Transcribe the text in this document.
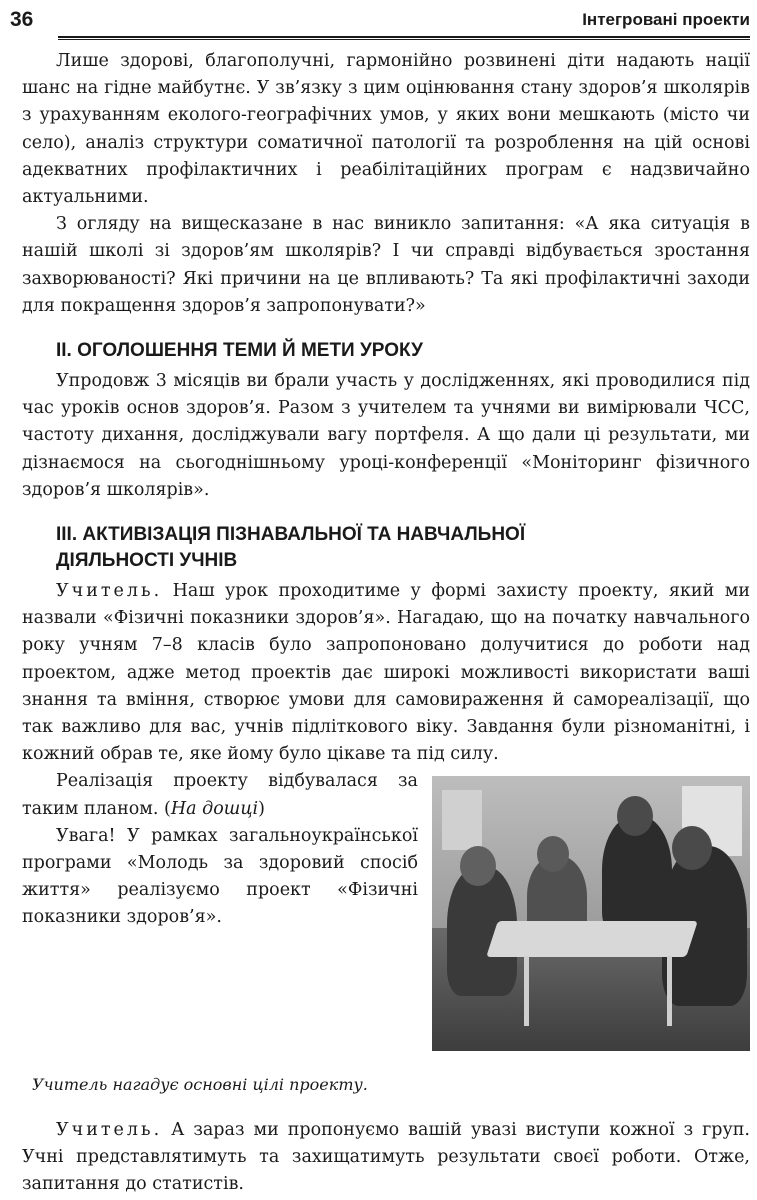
36	Інтегровані проекти

Лише здорові, благополучні, гармонійно розвинені діти надають нації шанс на гідне майбутнє. У зв’язку з цим оцінювання стану здоров’я школярів з урахуванням еколого-географічних умов, у яких вони мешкають (місто чи село), аналіз структури соматичної патології та розроблення на цій основі адекватних профілактичних і реабілітаційних програм є надзвичайно актуальними.

З огляду на вищесказане в нас виникло запитання: «А яка ситуація в нашій школі зі здоров’ям школярів? І чи справді відбувається зростання захворюваності? Які причини на це впливають? Та які профілактичні заходи для покращення здоров’я запропонувати?»

II. ОГОЛОШЕННЯ ТЕМИ Й МЕТИ УРОКУ

Упродовж 3 місяців ви брали участь у дослідженнях, які проводилися під час уроків основ здоров’я. Разом з учителем та учнями ви вимірювали ЧСС, частоту дихання, досліджували вагу портфеля. А що дали ці результати, ми дізнаємося на сьогоднішньому уроці-конференції «Моніторинг фізичного здоров’я школярів».

III. АКТИВІЗАЦІЯ ПІЗНАВАЛЬНОЇ ТА НАВЧАЛЬНОЇ
ДІЯЛЬНОСТІ УЧНІВ

Учитель. Наш урок проходитиме у формі захисту проекту, який ми назвали «Фізичні показники здоров’я». Нагадаю, що на початку навчального року учням 7–8 класів було запропоновано долучитися до роботи над проектом, адже метод проектів дає широкі можливості використати ваші знання та вміння, створює умови для самовираження й самореалізації, що так важливо для вас, учнів підліткового віку. Завдання були різноманітні, і кожний обрав те, яке йому було цікаве та під силу.

Реалізація проекту відбувалася за таким планом. (На дошці)

Увага! У рамках загальноукраїнської програми «Молодь за здоровий спосіб життя» реалізуємо проект «Фізичні показники здоров’я».

Учитель нагадує основні цілі проекту.

Учитель. А зараз ми пропонуємо вашій увазі виступи кожної з груп. Учні представлятимуть та захищатимуть результати своєї роботи. Отже, запитання до статистів.
